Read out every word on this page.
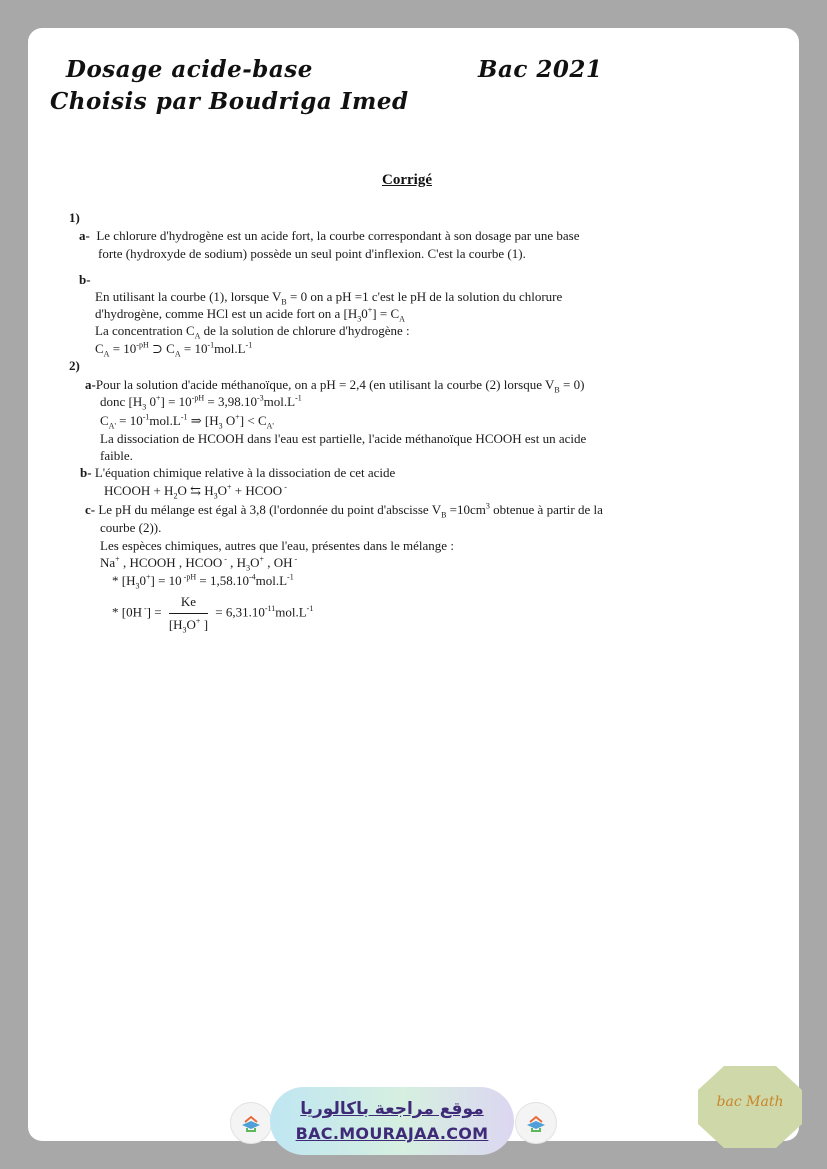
Dosage acide-base	Bac 2021
Choisis par Boudriga Imed
Corrigé
1)
a- Le chlorure d'hydrogène est un acide fort, la courbe correspondant à son dosage par une base
forte (hydroxyde de sodium) possède un seul point d'inflexion. C'est la courbe (1).
b-
En utilisant la courbe (1), lorsque $V_B = 0$ on a pH =1 c'est le pH de la solution du chlorure
d'hydrogène, comme HCl est un acide fort on a $[H_30^+] = C_A$
La concentration $C_A$ de la solution de chlorure d'hydrogène :
$C_A = 10^{-pH}$ ⊃ $C_A = 10^{-1}mol.L^{-1}$
2)
a-Pour la solution d'acide méthanoïque, on a pH = 2,4 (en utilisant la courbe (2) lorsque $V_B = 0$)
donc [$H_3$ $0^+] = 10^{-pH} = 3,98.10^{-3}mol.L^{-1}$
$C_{A'} = 10^{-1}mol.L^{-1}$ ⇒ [$H_3$ $O^+] < C_{A'}$
La dissociation de HCOOH dans l'eau est partielle, l'acide méthanoïque HCOOH est un acide
faible.
b- L'équation chimique relative à la dissociation de cet acide
HCOOH + $H_2O$ ⇆ $H_3O^+$ + HCOO -
c- Le pH du mélange est égal à 3,8 (l'ordonnée du point d'abscisse $V_B =10cm^3$ obtenue à partir de la
courbe (2)).
Les espèces chimiques, autres que l'eau, présentes dans le mélange :
Na+ , HCOOH , HCOO - , $H_3O^+$ , OH -
* $[H_30^+] = 10$ $^{-pH} = 1,58.10^{-4}mol.L^{-1}$
* [0H $^-] = \frac{Ke}{[H_3O^+ ]} = 6,31.10^{-11}mol.L^{-1}$
موقع مراجعة باكالوريا
BAC.MOURAJAA.COM
bac Math
